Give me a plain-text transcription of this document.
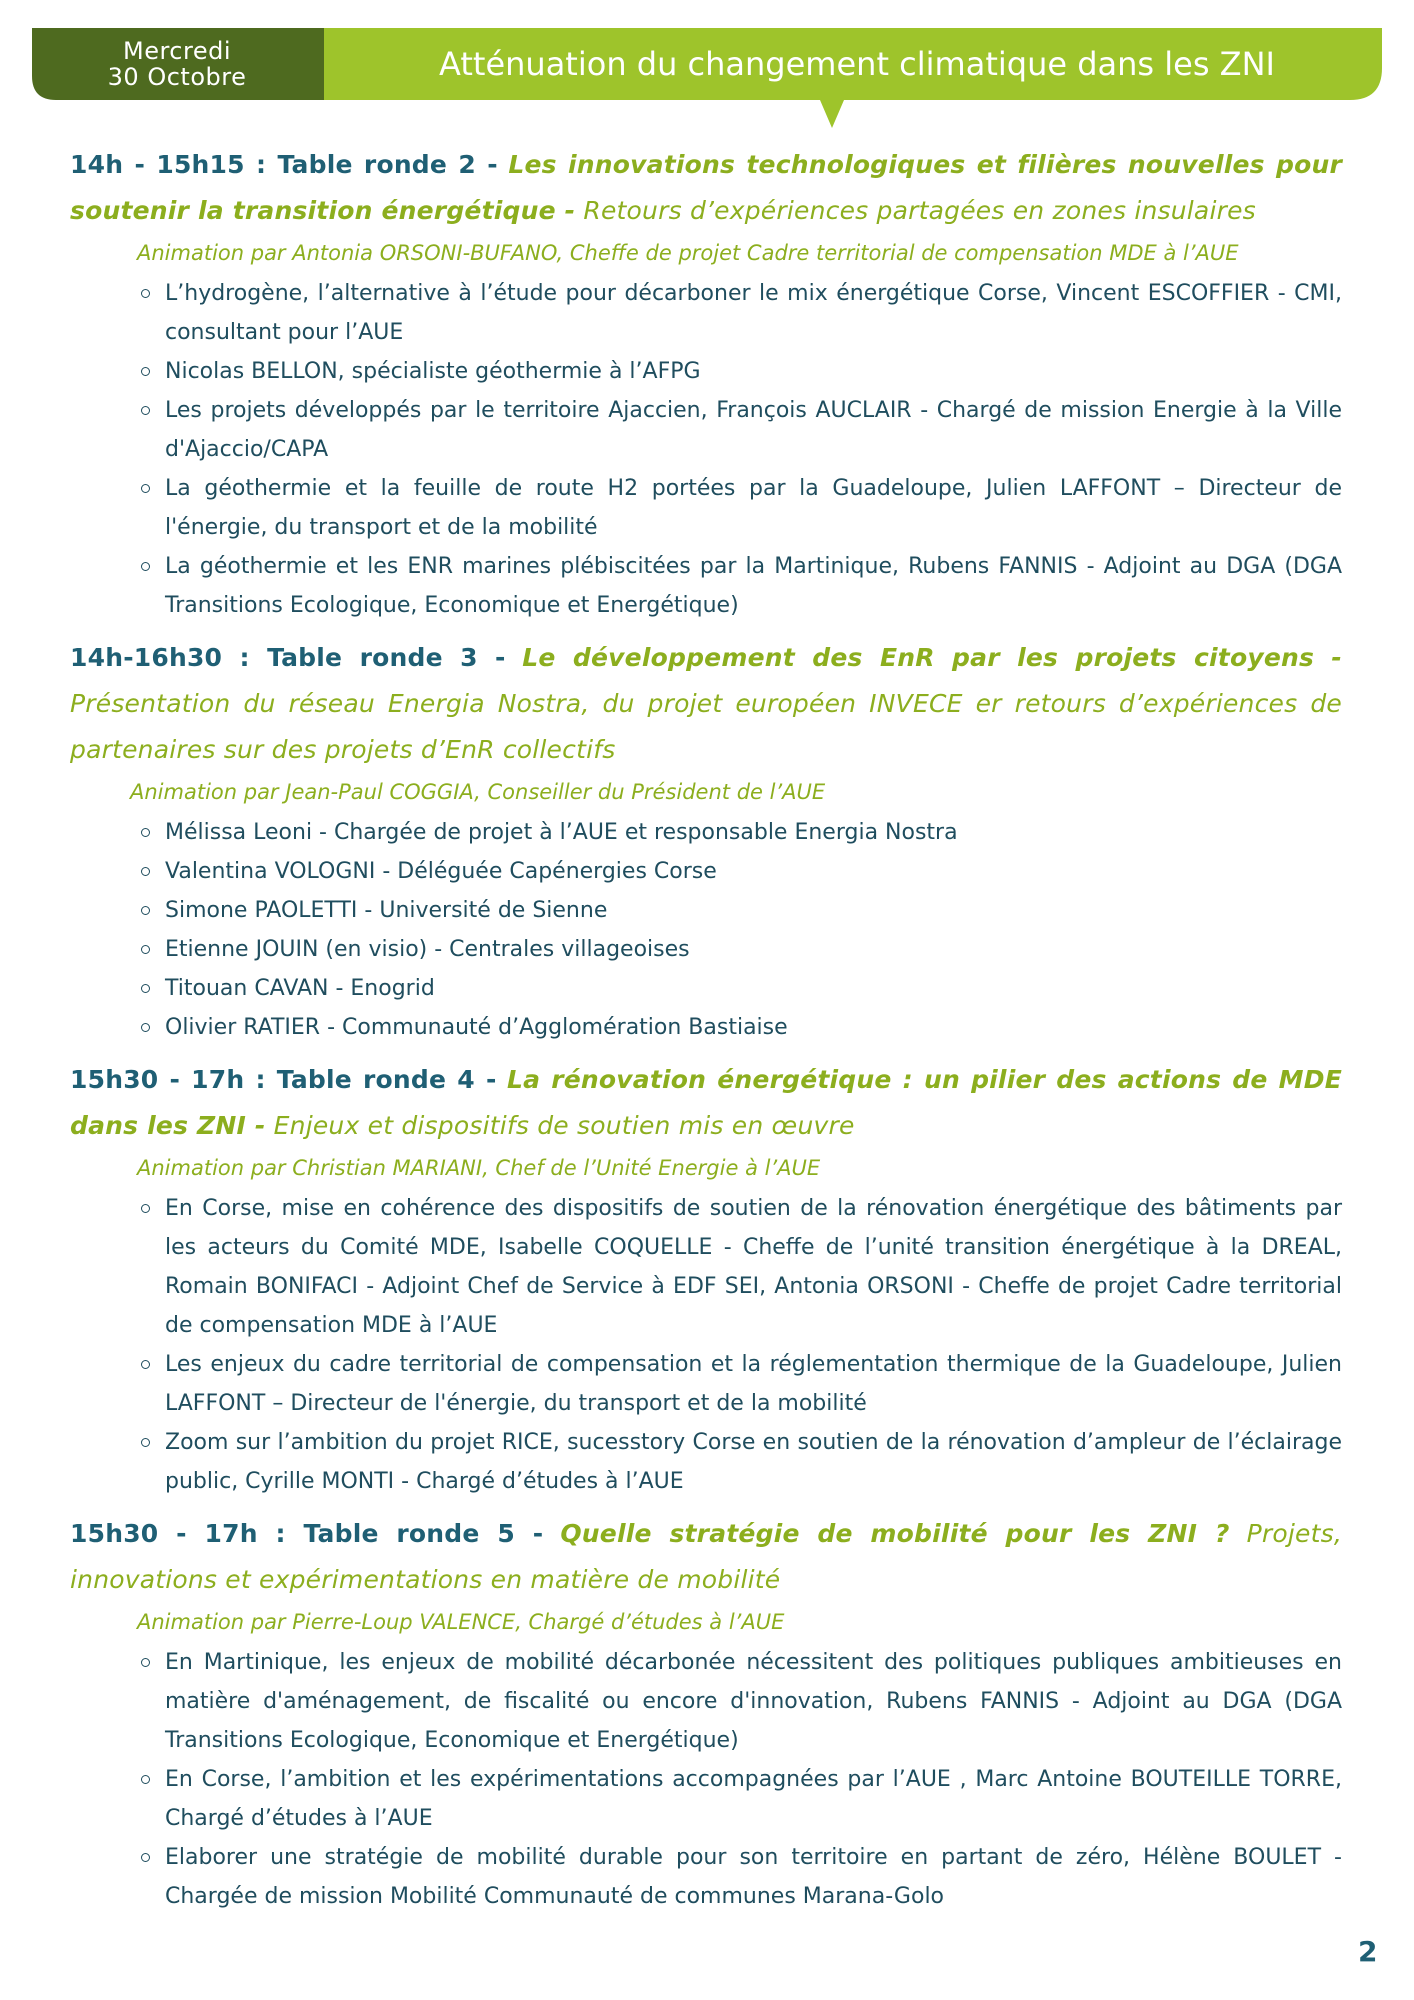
Mercredi
30 Octobre	Atténuation du changement climatique dans les ZNI
14h - 15h15 : Table ronde 2 - Les innovations technologiques et filières nouvelles pour soutenir la transition énergétique - Retours d’expériences partagées en zones insulaires
Animation par Antonia ORSONI-BUFANO, Cheffe de projet Cadre territorial de compensation MDE à l’AUE
L’hydrogène, l’alternative à l’étude pour décarboner le mix énergétique Corse, Vincent ESCOFFIER - CMI, consultant pour l’AUE
Nicolas BELLON, spécialiste géothermie à l’AFPG
Les projets développés par le territoire Ajaccien, François AUCLAIR - Chargé de mission Energie à la Ville d'Ajaccio/CAPA
La géothermie et la feuille de route H2 portées par la Guadeloupe, Julien LAFFONT – Directeur de l'énergie, du transport et de la mobilité
La géothermie et les ENR marines plébiscitées par la Martinique, Rubens FANNIS - Adjoint au DGA (DGA Transitions Ecologique, Economique et Energétique)
14h-16h30 : Table ronde 3 - Le développement des EnR par les projets citoyens - Présentation du réseau Energia Nostra, du projet européen INVECE er retours d’expériences de partenaires sur des projets d’EnR collectifs
Animation par Jean-Paul COGGIA, Conseiller du Président de l’AUE
Mélissa Leoni - Chargée de projet à l’AUE et responsable Energia Nostra
Valentina VOLOGNI - Déléguée Capénergies Corse
Simone PAOLETTI - Université de Sienne
Etienne JOUIN (en visio) - Centrales villageoises
Titouan CAVAN - Enogrid
Olivier RATIER - Communauté d’Agglomération Bastiaise
15h30 - 17h : Table ronde 4 - La rénovation énergétique : un pilier des actions de MDE dans les ZNI - Enjeux et dispositifs de soutien mis en œuvre
Animation par Christian MARIANI, Chef de l’Unité Energie à l’AUE
En Corse, mise en cohérence des dispositifs de soutien de la rénovation énergétique des bâtiments par les acteurs du Comité MDE, Isabelle COQUELLE - Cheffe de l’unité transition énergétique à la DREAL, Romain BONIFACI - Adjoint Chef de Service à EDF SEI, Antonia ORSONI - Cheffe de projet Cadre territorial de compensation MDE à l’AUE
Les enjeux du cadre territorial de compensation et la réglementation thermique de la Guadeloupe, Julien LAFFONT – Directeur de l'énergie, du transport et de la mobilité
Zoom sur l’ambition du projet RICE, sucesstory Corse en soutien de la rénovation d’ampleur de l’éclairage public, Cyrille MONTI - Chargé d’études à l’AUE
15h30 - 17h : Table ronde 5 - Quelle stratégie de mobilité pour les ZNI ? Projets, innovations et expérimentations en matière de mobilité
Animation par Pierre-Loup VALENCE, Chargé d’études à l’AUE
En Martinique, les enjeux de mobilité décarbonée nécessitent des politiques publiques ambitieuses en matière d'aménagement, de fiscalité ou encore d'innovation, Rubens FANNIS - Adjoint au DGA (DGA Transitions Ecologique, Economique et Energétique)
En Corse, l’ambition et les expérimentations accompagnées par l’AUE , Marc Antoine BOUTEILLE TORRE, Chargé d’études à l’AUE
Elaborer une stratégie de mobilité durable pour son territoire en partant de zéro, Hélène BOULET - Chargée de mission Mobilité Communauté de communes Marana-Golo
2
